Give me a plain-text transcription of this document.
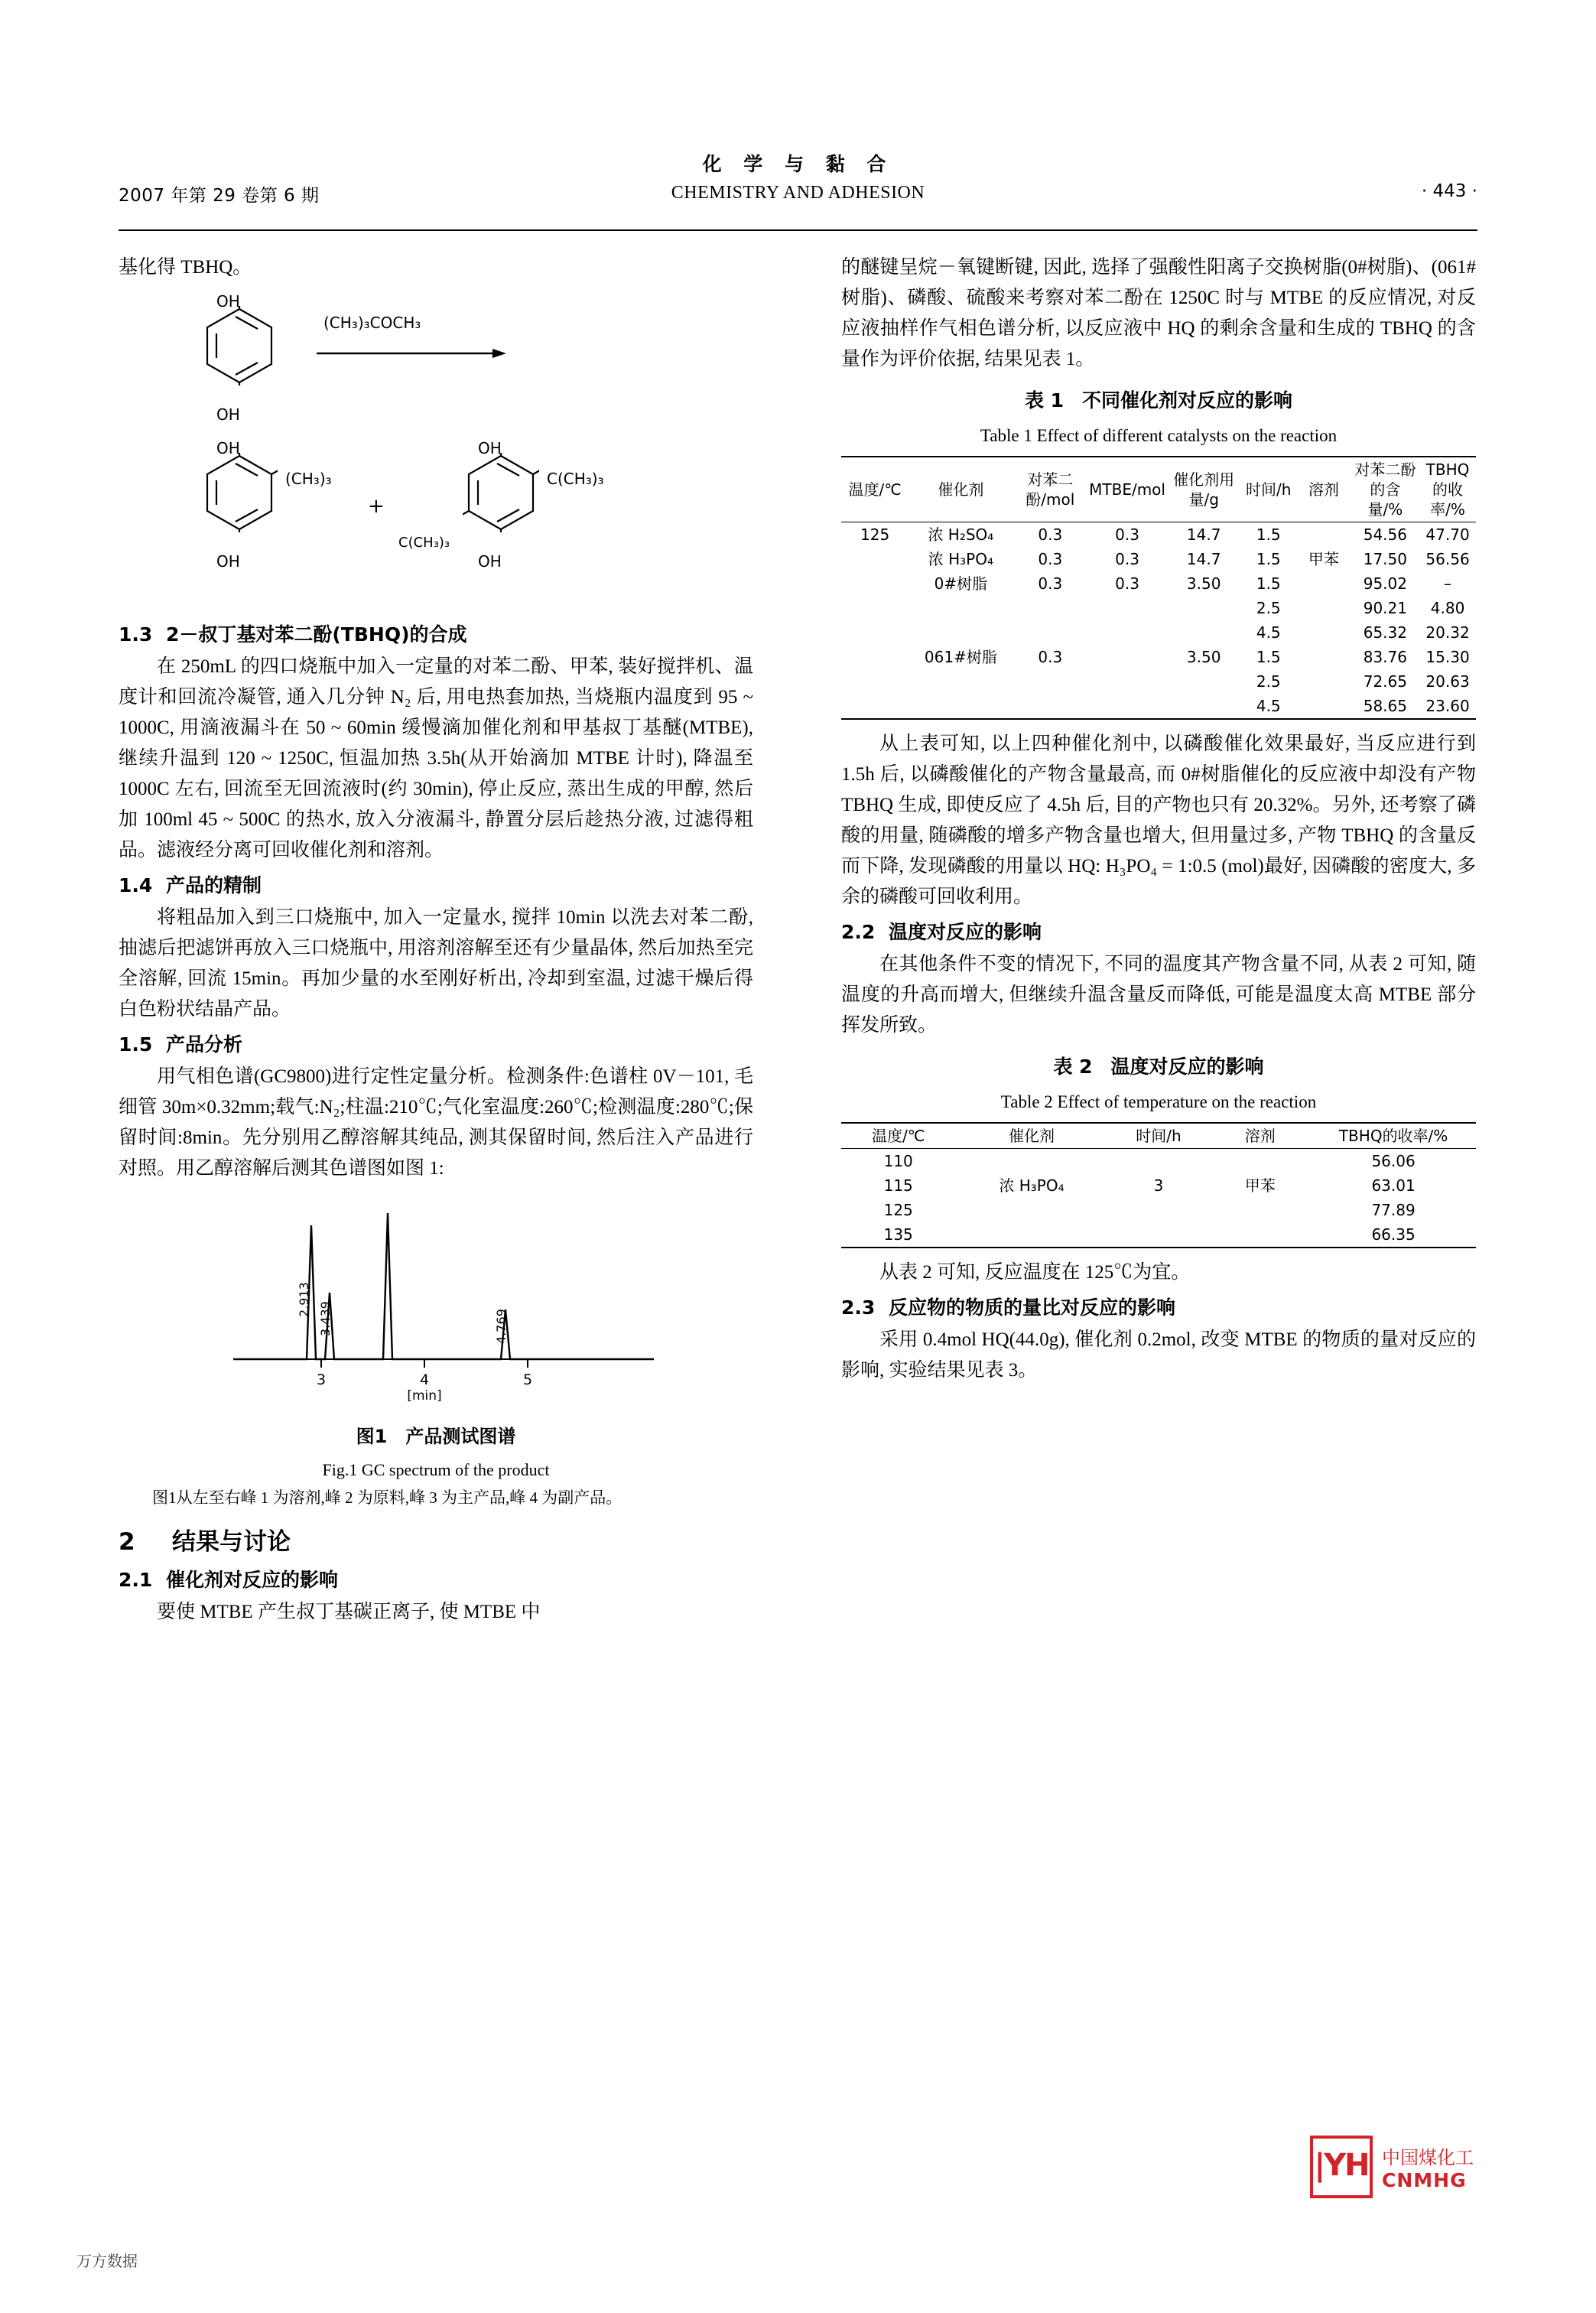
2007 年第 29 卷第 6 期
化 学 与 黏 合
CHEMISTRY AND ADHESION	· 443 ·

基化得 TBHQ。

OH
OH
(CH₃)₃COCH₃
OH
(CH₃)₃
OH
+
OH
C(CH₃)₃
C(CH₃)₃
OH
1.3 2－叔丁基对苯二酚(TBHQ)的合成

在 250mL 的四口烧瓶中加入一定量的对苯二酚、甲苯, 装好搅拌机、温度计和回流冷凝管, 通入几分钟 N₂ 后, 用电热套加热, 当烧瓶内温度到 95 ~ 1000C, 用滴液漏斗在 50 ~ 60min 缓慢滴加催化剂和甲基叔丁基醚(MTBE), 继续升温到 120 ~ 1250C, 恒温加热 3.5h(从开始滴加 MTBE 计时), 降温至 1000C 左右, 回流至无回流液时(约 30min), 停止反应, 蒸出生成的甲醇, 然后加 100ml 45 ~ 500C 的热水, 放入分液漏斗, 静置分层后趁热分液, 过滤得粗品。滤液经分离可回收催化剂和溶剂。

1.4 产品的精制

将粗品加入到三口烧瓶中, 加入一定量水, 搅拌 10min 以洗去对苯二酚, 抽滤后把滤饼再放入三口烧瓶中, 用溶剂溶解至还有少量晶体, 然后加热至完全溶解, 回流 15min。再加少量的水至刚好析出, 冷却到室温, 过滤干燥后得白色粉状结晶产品。

1.5 产品分析

用气相色谱(GC9800)进行定性定量分析。检测条件:色谱柱 0V－101, 毛细管 30m×0.32mm;载气:N₂;柱温:210℃;气化室温度:260℃;检测温度:280℃;保留时间:8min。先分别用乙醇溶解其纯品, 测其保留时间, 然后注入产品进行对照。用乙醇溶解后测其色谱图如图 1:

2.913
3.439	4.769
3	4	5
[min]
图1　产品测试图谱
Fig.1 GC spectrum of the product

图1从左至右峰 1 为溶剂,峰 2 为原料,峰 3 为主产品,峰 4 为副产品。

2 结果与讨论
2.1 催化剂对反应的影响

要使 MTBE 产生叔丁基碳正离子, 使 MTBE 中

的醚键呈烷－氧键断键, 因此, 选择了强酸性阳离子交换树脂(0#树脂)、(061#树脂)、磷酸、硫酸来考察对苯二酚在 1250C 时与 MTBE 的反应情况, 对反应液抽样作气相色谱分析, 以反应液中 HQ 的剩余含量和生成的 TBHQ 的含量作为评价依据, 结果见表 1。

表 1 不同催化剂对反应的影响
Table 1 Effect of different catalysts on the reaction
温度/℃	催化剂	对苯二酚/mol	MTBE/mol	催化剂用量/g	时间/h	溶剂	对苯二酚的含量/%	TBHQ的收率/%
125	浓 H₂SO₄	0.3	0.3	14.7	1.5		54.56	47.70
	浓 H₃PO₄	0.3	0.3	14.7	1.5	甲苯	17.50	56.56
	0#树脂	0.3	0.3	3.50	1.5		95.02	–
					2.5		90.21	4.80
					4.5		65.32	20.32
	061#树脂	0.3		3.50	1.5		83.76	15.30
					2.5		72.65	20.63
					4.5		58.65	23.60

从上表可知, 以上四种催化剂中, 以磷酸催化效果最好, 当反应进行到 1.5h 后, 以磷酸催化的产物含量最高, 而 0#树脂催化的反应液中却没有产物 TBHQ 生成, 即使反应了 4.5h 后, 目的产物也只有 20.32%。另外, 还考察了磷酸的用量, 随磷酸的增多产物含量也增大, 但用量过多, 产物 TBHQ 的含量反而下降, 发现磷酸的用量以 HQ: H₃PO₄ = 1:0.5 (mol)最好, 因磷酸的密度大, 多余的磷酸可回收利用。

2.2 温度对反应的影响

在其他条件不变的情况下, 不同的温度其产物含量不同, 从表 2 可知, 随温度的升高而增大, 但继续升温含量反而降低, 可能是温度太高 MTBE 部分挥发所致。

表 2 温度对反应的影响
Table 2 Effect of temperature on the reaction
温度/℃	催化剂	时间/h	溶剂	TBHQ的收率/%
110				56.06
115	浓 H₃PO₄	3	甲苯	63.01
125				77.89
135				66.35

从表 2 可知, 反应温度在 125℃为宜。

2.3 反应物的物质的量比对反应的影响

采用 0.4mol HQ(44.0g), 催化剂 0.2mol, 改变 MTBE 的物质的量对反应的影响, 实验结果见表 3。

|YH 中国煤化工
CNMHG
万方数据
